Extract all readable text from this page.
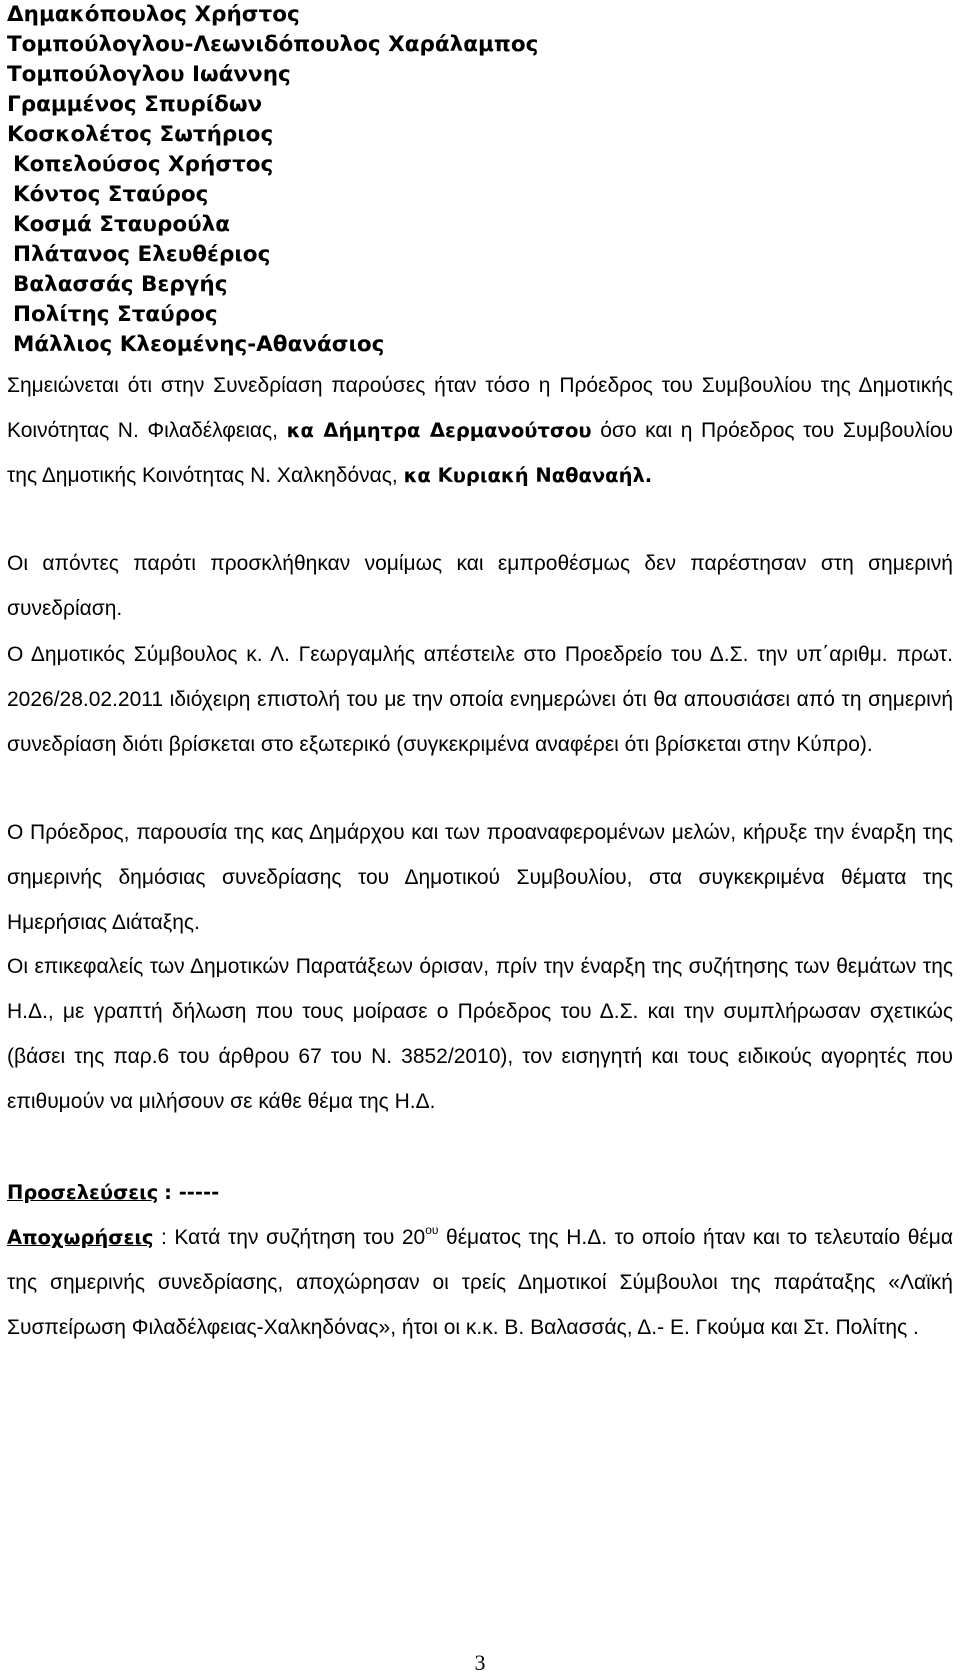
Δημακόπουλος Χρήστος
Τομπούλογλου-Λεωνιδόπουλος Χαράλαμπος
Τομπούλογλου Ιωάννης
Γραμμένος Σπυρίδων
Κοσκολέτος Σωτήριος
Κοπελούσος Χρήστος
Κόντος Σταύρος
Κοσμά Σταυρούλα
Πλάτανος Ελευθέριος
Βαλασσάς Βεργής
Πολίτης Σταύρος
Μάλλιος Κλεομένης-Αθανάσιος

Σημειώνεται ότι στην Συνεδρίαση παρούσες ήταν τόσο η Πρόεδρος του Συμβουλίου της Δημοτικής Κοινότητας Ν. Φιλαδέλφειας, κα Δήμητρα Δερμανούτσου όσο και η Πρόεδρος του Συμβουλίου της Δημοτικής Κοινότητας Ν. Χαλκηδόνας, κα Κυριακή Ναθαναήλ.

Οι απόντες παρότι προσκλήθηκαν νομίμως και εμπροθέσμως δεν παρέστησαν στη σημερινή συνεδρίαση.

Ο Δημοτικός Σύμβουλος κ. Λ. Γεωργαμλής απέστειλε στο Προεδρείο του Δ.Σ. την υπ΄αριθμ. πρωτ. 2026/28.02.2011 ιδιόχειρη επιστολή του με την οποία ενημερώνει ότι θα απουσιάσει από τη σημερινή συνεδρίαση διότι βρίσκεται στο εξωτερικό (συγκεκριμένα αναφέρει ότι βρίσκεται στην Κύπρο).

Ο Πρόεδρος, παρουσία της κας Δημάρχου και των προαναφερομένων μελών, κήρυξε την έναρξη της σημερινής δημόσιας συνεδρίασης του Δημοτικού Συμβουλίου, στα συγκεκριμένα θέματα της Ημερήσιας Διάταξης.

Οι επικεφαλείς των Δημοτικών Παρατάξεων όρισαν, πρίν την έναρξη της συζήτησης των θεμάτων της Η.Δ., με γραπτή δήλωση που τους μοίρασε ο Πρόεδρος του Δ.Σ. και την συμπλήρωσαν σχετικώς (βάσει της παρ.6 του άρθρου 67 του Ν. 3852/2010), τον εισηγητή και τους ειδικούς αγορητές που επιθυμούν να μιλήσουν σε κάθε θέμα της Η.Δ.

Προσελεύσεις : -----

Αποχωρήσεις : Κατά την συζήτηση του $20^{o\upsilon}$ θέματος της Η.Δ. το οποίο ήταν και το τελευταίο θέμα της σημερινής συνεδρίασης, αποχώρησαν οι τρείς Δημοτικοί Σύμβουλοι της παράταξης «Λαϊκή Συσπείρωση Φιλαδέλφειας-Χαλκηδόνας», ήτοι οι κ.κ. Β. Βαλασσάς, Δ.- Ε. Γκούμα και Στ. Πολίτης .

3
